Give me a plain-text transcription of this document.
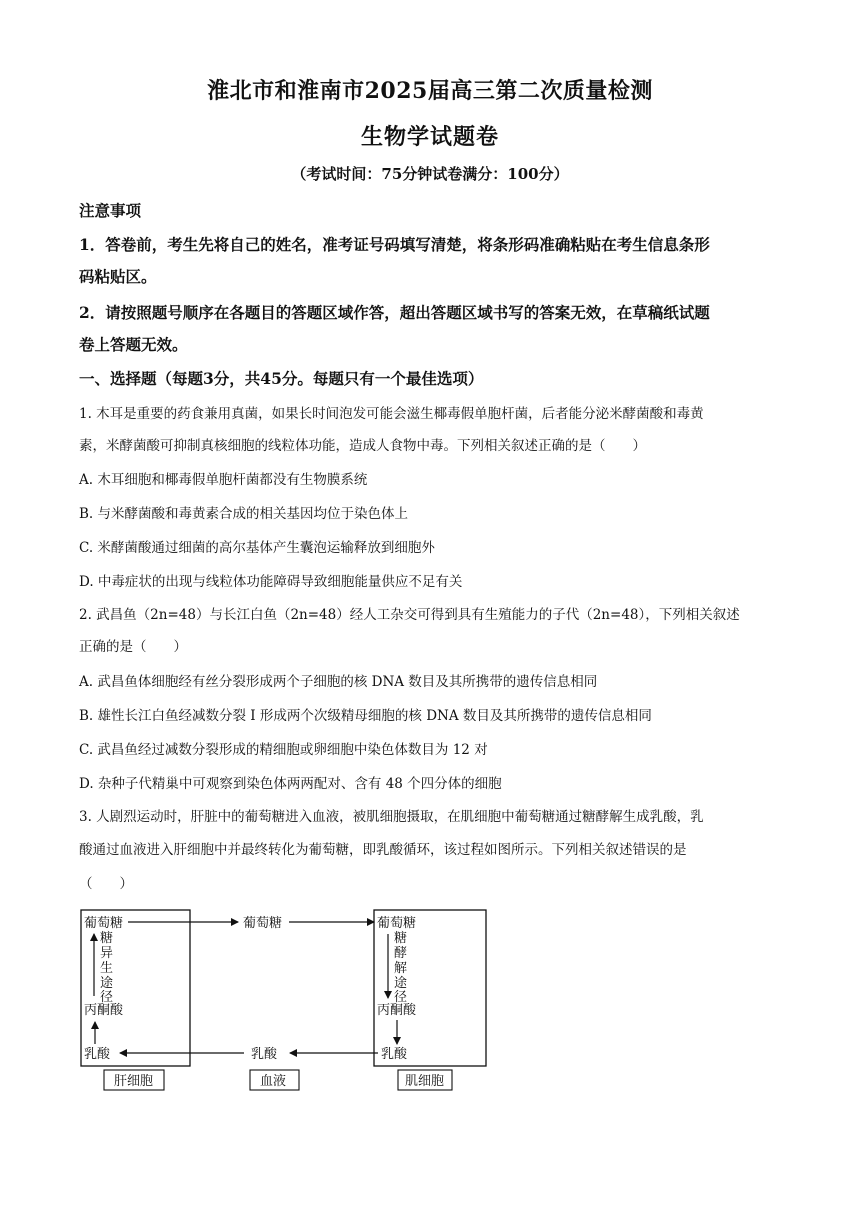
淮北市和淮南市2025届高三第二次质量检测
生物学试题卷
（考试时间：75分钟试卷满分：100分）
注意事项
1．答卷前，考生先将自己的姓名，准考证号码填写清楚，将条形码准确粘贴在考生信息条形
码粘贴区。
2．请按照题号顺序在各题目的答题区域作答，超出答题区域书写的答案无效，在草稿纸试题
卷上答题无效。
一、选择题（每题3分，共45分。每题只有一个最佳选项）
1. 木耳是重要的药食兼用真菌，如果长时间泡发可能会滋生椰毒假单胞杆菌，后者能分泌米酵菌酸和毒黄
素，米酵菌酸可抑制真核细胞的线粒体功能，造成人食物中毒。下列相关叙述正确的是（　　）
A. 木耳细胞和椰毒假单胞杆菌都没有生物膜系统
B. 与米酵菌酸和毒黄素合成的相关基因均位于染色体上
C. 米酵菌酸通过细菌的高尔基体产生囊泡运输释放到细胞外
D. 中毒症状的出现与线粒体功能障碍导致细胞能量供应不足有关
2. 武昌鱼（2n=48）与长江白鱼（2n=48）经人工杂交可得到具有生殖能力的子代（2n=48），下列相关叙述
正确的是（　　）
A. 武昌鱼体细胞经有丝分裂形成两个子细胞的核 DNA 数目及其所携带的遗传信息相同
B. 雄性长江白鱼经减数分裂 I 形成两个次级精母细胞的核 DNA 数目及其所携带的遗传信息相同
C. 武昌鱼经过减数分裂形成的精细胞或卵细胞中染色体数目为 12 对
D. 杂种子代精巢中可观察到染色体两两配对、含有 48 个四分体的细胞
3. 人剧烈运动时，肝脏中的葡萄糖进入血液，被肌细胞摄取，在肌细胞中葡萄糖通过糖酵解生成乳酸，乳
酸通过血液进入肝细胞中并最终转化为葡萄糖，即乳酸循环，该过程如图所示。下列相关叙述错误的是
（　　）
葡萄糖
糖
异
生
途
径
丙酮酸
乳酸
葡萄糖	葡萄糖
糖
酵
解
途
径
丙酮酸
乳酸
乳酸
肝细胞	血液	肌细胞
